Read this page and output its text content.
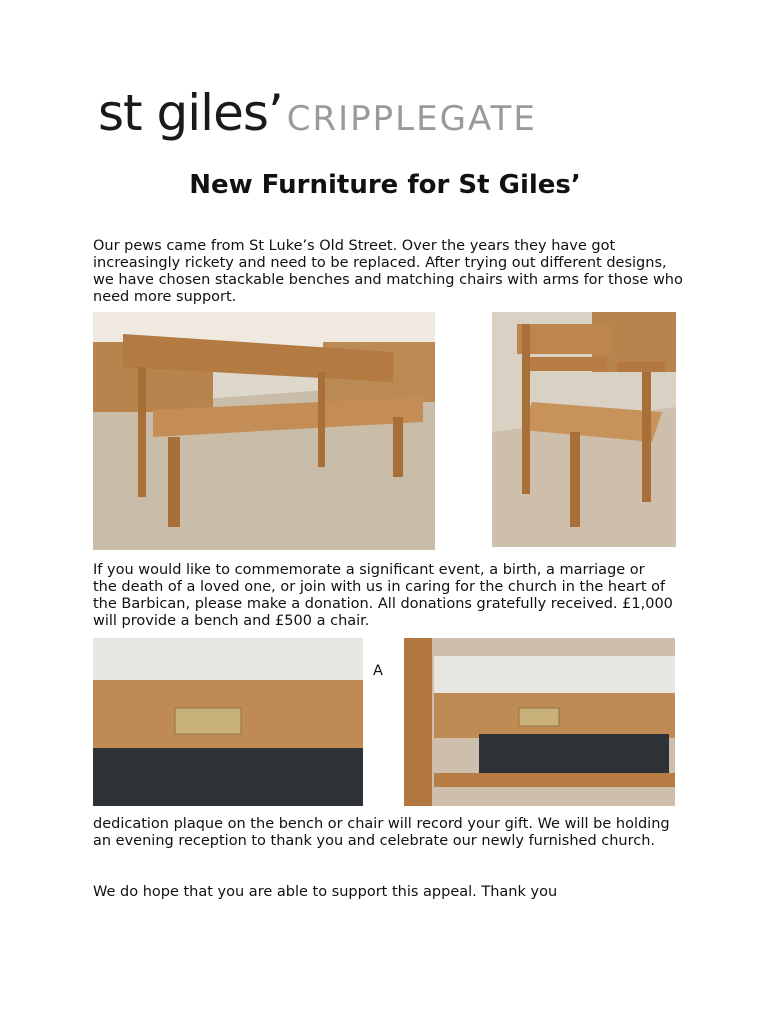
st giles’ CRIPPLEGATE
New Furniture for St Giles’

Our pews came from St Luke’s Old Street. Over the years they have got increasingly rickety and need to be replaced. After trying out different designs, we have chosen stackable benches and matching chairs with arms for those who need more support.

If you would like to commemorate a significant event, a birth, a marriage or the death of a loved one, or join with us in caring for the church in the heart of the Barbican, please make a donation. All donations gratefully received. £1,000 will provide a bench and £500 a chair.

A

dedication plaque on the bench or chair will record your gift. We will be holding an evening reception to thank you and celebrate our newly furnished church.

We do hope that you are able to support this appeal. Thank you
